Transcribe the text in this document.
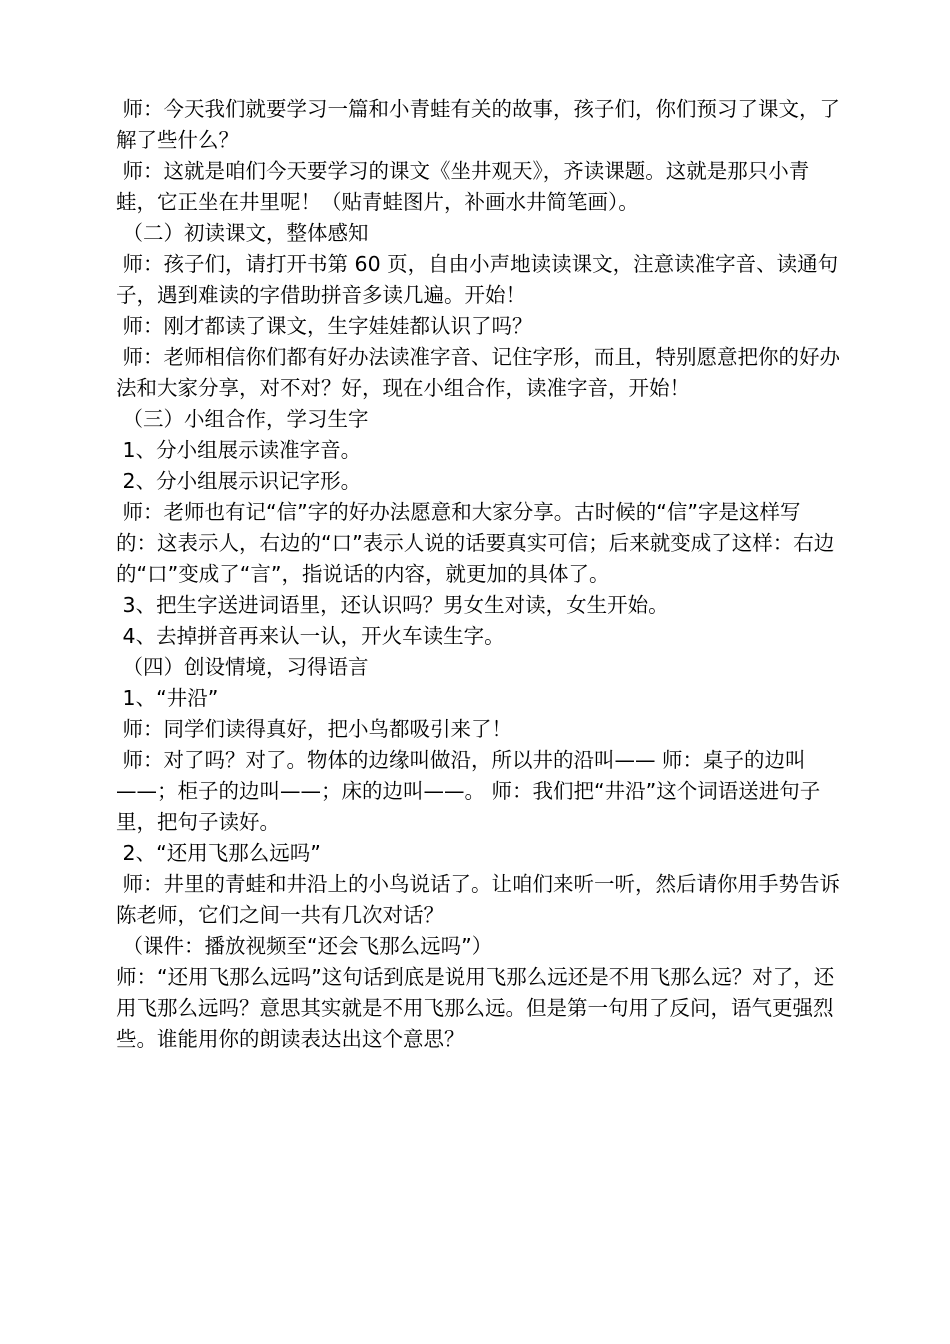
师：今天我们就要学习一篇和小青蛙有关的故事，孩子们，你们预习了课文，了解了些什么？

师：这就是咱们今天要学习的课文《坐井观天》，齐读课题。这就是那只小青蛙，它正坐在井里呢！（贴青蛙图片，补画水井简笔画）。

（二）初读课文，整体感知

师：孩子们，请打开书第 60 页，自由小声地读读课文，注意读准字音、读通句子，遇到难读的字借助拼音多读几遍。开始！

师：刚才都读了课文，生字娃娃都认识了吗？

师：老师相信你们都有好办法读准字音、记住字形，而且，特别愿意把你的好办法和大家分享，对不对？好，现在小组合作，读准字音，开始！

（三）小组合作，学习生字

1、分小组展示读准字音。

2、分小组展示识记字形。

师：老师也有记“信”字的好办法愿意和大家分享。古时候的“信”字是这样写的：这表示人，右边的“口”表示人说的话要真实可信；后来就变成了这样：右边的“口”变成了“言”，指说话的内容，就更加的具体了。

3、把生字送进词语里，还认识吗？男女生对读，女生开始。

4、去掉拼音再来认一认，开火车读生字。

（四）创设情境，习得语言

1、“井沿”

师：同学们读得真好，把小鸟都吸引来了！

师：对了吗？对了。物体的边缘叫做沿，所以井的沿叫—— 师：桌子的边叫——；柜子的边叫——；床的边叫——。 师：我们把“井沿”这个词语送进句子里，把句子读好。

2、“还用飞那么远吗”

师：井里的青蛙和井沿上的小鸟说话了。让咱们来听一听，然后请你用手势告诉陈老师，它们之间一共有几次对话？

（课件：播放视频至“还会飞那么远吗”）

师：“还用飞那么远吗”这句话到底是说用飞那么远还是不用飞那么远？对了，还用飞那么远吗？意思其实就是不用飞那么远。但是第一句用了反问，语气更强烈些。谁能用你的朗读表达出这个意思？
